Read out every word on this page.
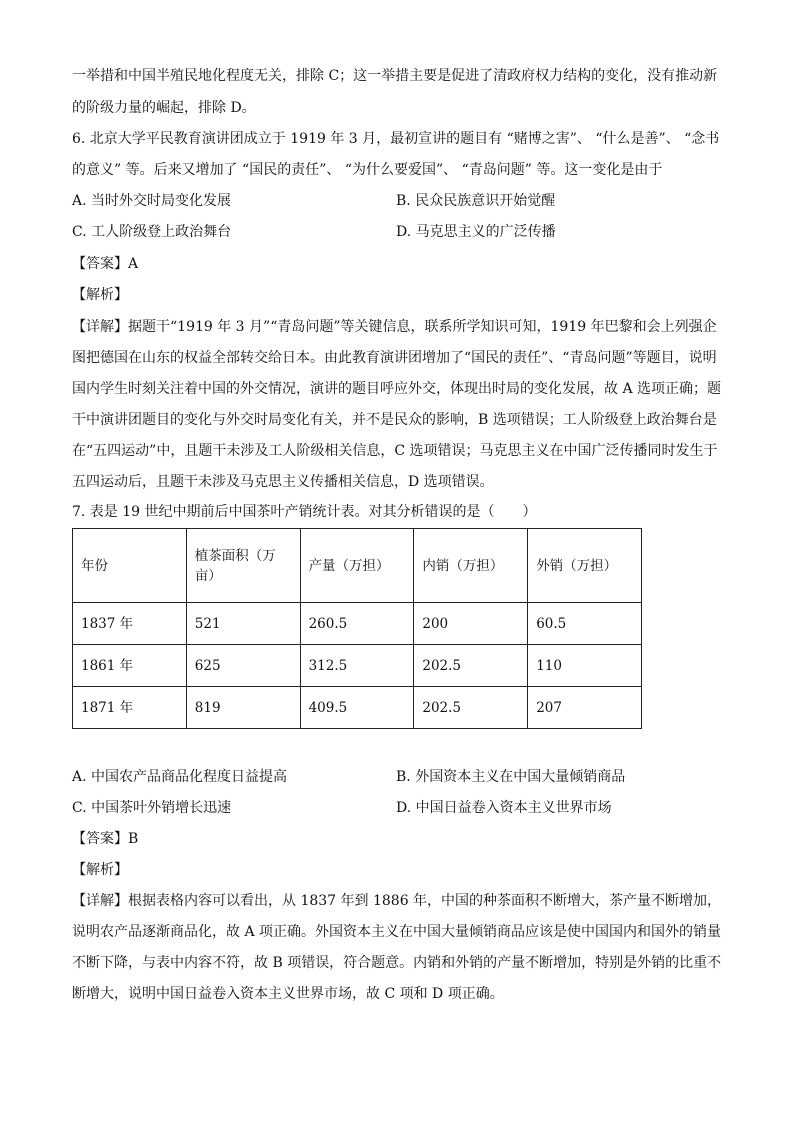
一举措和中国半殖民地化程度无关，排除 C；这一举措主要是促进了清政府权力结构的变化，没有推动新
的阶级力量的崛起，排除 D。
6. 北京大学平民教育演讲团成立于 1919 年 3 月，最初宣讲的题目有 “赌博之害”、 “什么是善”、 “念书
的意义” 等。后来又增加了 “国民的责任”、 “为什么要爱国”、 “青岛问题” 等。这一变化是由于
A. 当时外交时局变化发展	B. 民众民族意识开始觉醒
C. 工人阶级登上政治舞台	D. 马克思主义的广泛传播
【答案】A
【解析】
【详解】据题干“1919 年 3 月”“青岛问题”等关键信息，联系所学知识可知，1919 年巴黎和会上列强企图把德国在山东的权益全部转交给日本。由此教育演讲团增加了“国民的责任”、“青岛问题”等题目，说明国内学生时刻关注着中国的外交情况，演讲的题目呼应外交，体现出时局的变化发展，故 A 选项正确；题干中演讲团题目的变化与外交时局变化有关，并不是民众的影响，B 选项错误；工人阶级登上政治舞台是在“五四运动”中，且题干未涉及工人阶级相关信息，C 选项错误；马克思主义在中国广泛传播同时发生于五四运动后，且题干未涉及马克思主义传播相关信息，D 选项错误。
7. 表是 19 世纪中期前后中国茶叶产销统计表。对其分析错误的是（　　）
年份	植茶面积（万亩）	产量（万担）	内销（万担）	外销（万担）
1837 年	521	260.5	200	60.5
1861 年	625	312.5	202.5	110
1871 年	819	409.5	202.5	207
A. 中国农产品商品化程度日益提高	B. 外国资本主义在中国大量倾销商品
C. 中国茶叶外销增长迅速	D. 中国日益卷入资本主义世界市场
【答案】B
【解析】
【详解】根据表格内容可以看出，从 1837 年到 1886 年，中国的种茶面积不断增大，茶产量不断增加，说明农产品逐渐商品化，故 A 项正确。外国资本主义在中国大量倾销商品应该是使中国国内和国外的销量不断下降，与表中内容不符，故 B 项错误，符合题意。内销和外销的产量不断增加，特别是外销的比重不断增大，说明中国日益卷入资本主义世界市场，故 C 项和 D 项正确。
